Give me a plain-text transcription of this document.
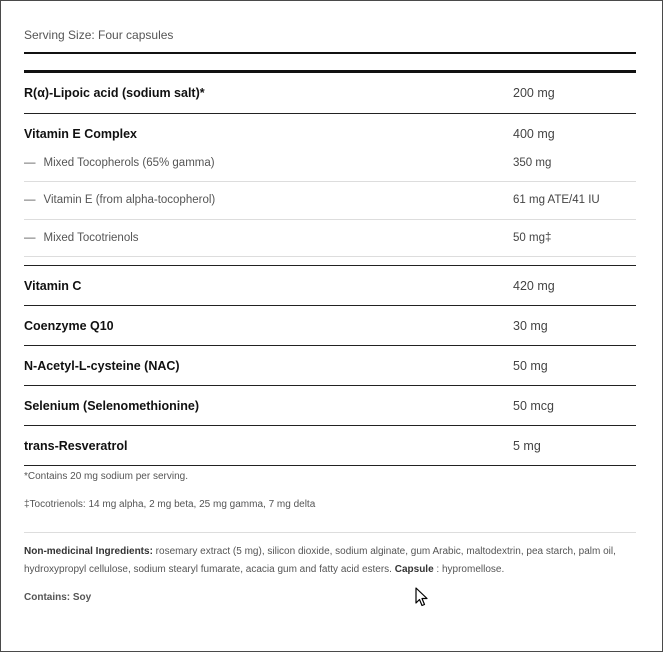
Serving Size: Four capsules
R(α)-Lipoic acid (sodium salt)*	200 mg
Vitamin E Complex	400 mg
— Mixed Tocopherols (65% gamma)	350 mg
— Vitamin E (from alpha-tocopherol)	61 mg ATE/41 IU
— Mixed Tocotrienols	50 mg‡
Vitamin C	420 mg
Coenzyme Q10	30 mg
N-Acetyl-L-cysteine (NAC)	50 mg
Selenium (Selenomethionine)	50 mcg
trans-Resveratrol	5 mg
*Contains 20 mg sodium per serving.
‡Tocotrienols: 14 mg alpha, 2 mg beta, 25 mg gamma, 7 mg delta
Non-medicinal Ingredients: rosemary extract (5 mg), silicon dioxide, sodium alginate, gum Arabic, maltodextrin, pea starch, palm oil, hydroxypropyl cellulose, sodium stearyl fumarate, acacia gum and fatty acid esters. Capsule : hypromellose.
Contains: Soy
